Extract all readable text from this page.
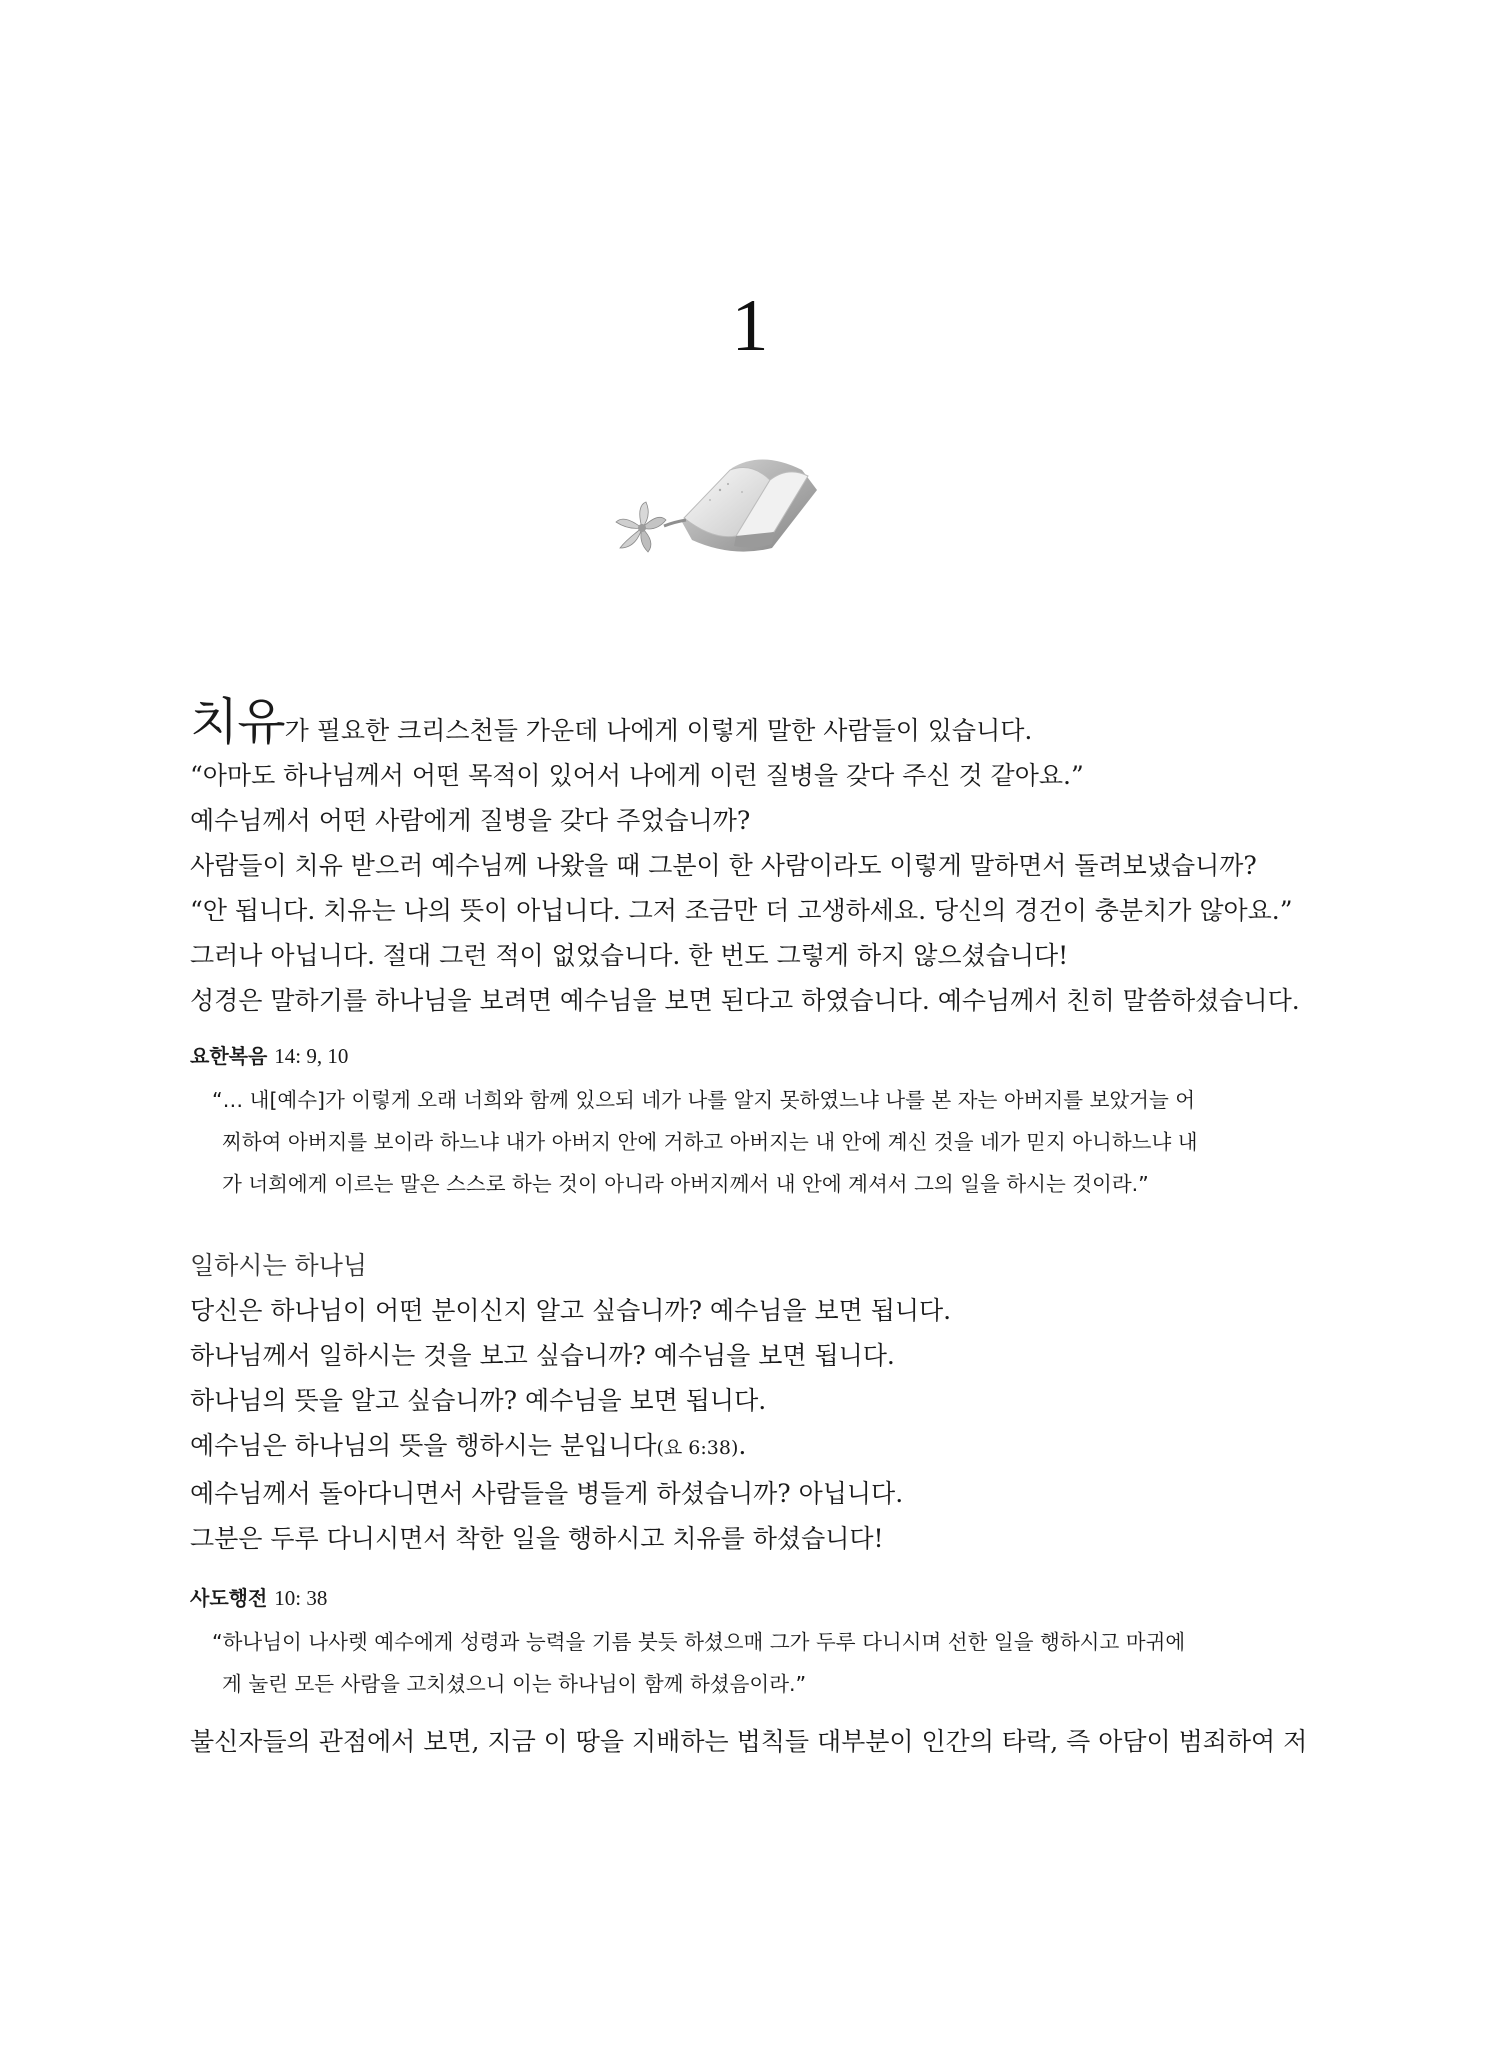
1

치유가 필요한 크리스천들 가운데 나에게 이렇게 말한 사람들이 있습니다.

“아마도 하나님께서 어떤 목적이 있어서 나에게 이런 질병을 갖다 주신 것 같아요.”

예수님께서 어떤 사람에게 질병을 갖다 주었습니까?

사람들이 치유 받으러 예수님께 나왔을 때 그분이 한 사람이라도 이렇게 말하면서 돌려보냈습니까?

“안 됩니다. 치유는 나의 뜻이 아닙니다. 그저 조금만 더 고생하세요. 당신의 경건이 충분치가 않아요.”

그러나 아닙니다. 절대 그런 적이 없었습니다. 한 번도 그렇게 하지 않으셨습니다!

성경은 말하기를 하나님을 보려면 예수님을 보면 된다고 하였습니다. 예수님께서 친히 말씀하셨습니다.

요한복음 14: 9, 10

“… 내[예수]가 이렇게 오래 너희와 함께 있으되 네가 나를 알지 못하였느냐 나를 본 자는 아버지를 보았거늘 어

찌하여 아버지를 보이라 하느냐 내가 아버지 안에 거하고 아버지는 내 안에 계신 것을 네가 믿지 아니하느냐 내

가 너희에게 이르는 말은 스스로 하는 것이 아니라 아버지께서 내 안에 계셔서 그의 일을 하시는 것이라.”

일하시는 하나님

당신은 하나님이 어떤 분이신지 알고 싶습니까? 예수님을 보면 됩니다.

하나님께서 일하시는 것을 보고 싶습니까? 예수님을 보면 됩니다.

하나님의 뜻을 알고 싶습니까? 예수님을 보면 됩니다.

예수님은 하나님의 뜻을 행하시는 분입니다(요 6:38).

예수님께서 돌아다니면서 사람들을 병들게 하셨습니까? 아닙니다.

그분은 두루 다니시면서 착한 일을 행하시고 치유를 하셨습니다!

사도행전 10: 38

“하나님이 나사렛 예수에게 성령과 능력을 기름 붓듯 하셨으매 그가 두루 다니시며 선한 일을 행하시고 마귀에

게 눌린 모든 사람을 고치셨으니 이는 하나님이 함께 하셨음이라.”

불신자들의 관점에서 보면, 지금 이 땅을 지배하는 법칙들 대부분이 인간의 타락, 즉 아담이 범죄하여 저
